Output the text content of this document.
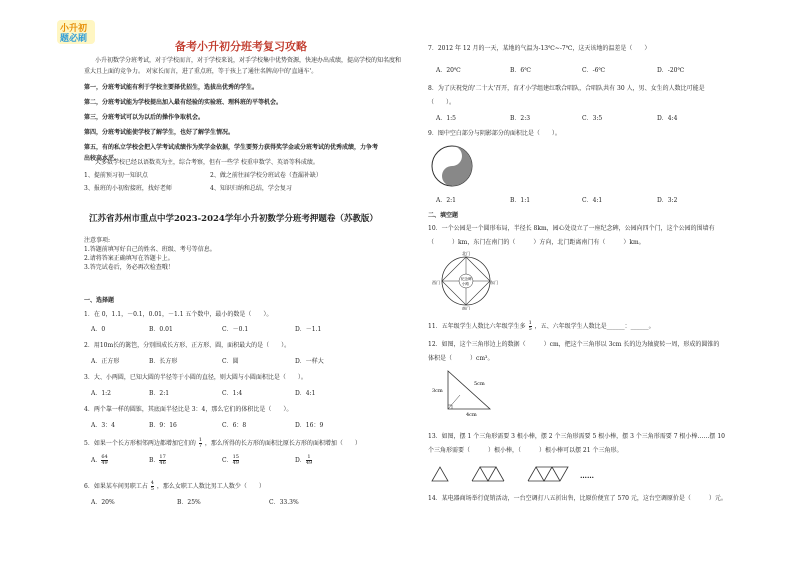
小升初
题必刷
备考小升初分班考复习攻略
小升初数学分班考试，对于学校而言，对于学校来说，对手学校集中优势资源，快速办出成绩，提高学校的知名度和
重大且上面的竞争力。 对家长而言，进了重点班，等于孩上了通往名牌高中的'直通车'。
第一，分班考试能有利于学校主要择优招生，选拔出优秀的学生。
第二，分班考试能为学校提出加入最有经验的实验班、理科班的平等机会。
第三，分班考试可以为以后的操作争取机会。
第四，分班考试能使学校了解学生，也好了解学生情况。
第五，有的私立学校会把入学考试成绩作为奖学金依据，学生要努力获得奖学金或分班考试的优秀成绩，力争考
出较高水平。
大多数学校已经以语数英为主，综合考察，但有一些学 校重申数学、英语等科成绩。
1、提前预习初一知识点	2、做之前往届学校分班试卷（查漏补缺）
3、报班的小初衔接班，找好老师	4、知识归纳和总结，学会复习
江苏省苏州市重点中学2023-2024学年小升初数学分班考押题卷（苏教版）
注意事项:
1.答题前填写好自己的姓名、班级、考号等信息。
2.请将答案正确填写在答题卡上。
3.答完试卷后，务必再次检查哦！
一、选择题
1．在 0，1.1，－0.1，0.01，－1.1 五个数中，最小的数是（　　）。
A．0	B．0.01	C．－0.1	D．－1.1
2．用10m长的篱笆，分别围成长方形、正方形、圆，面积最大的是（　　）。
A．正方形	B．长方形	C．圆	D．一样大
3．大、小两圆，已知大圆的半径等于小圆的直径，则大圆与小圆面积比是（　　）。
A．1:2	B．2:1	C．1:4	D．4:1
4．两个靠一样的圆锥，其底面半径比是 3：4，那么它们的体积比是（　　）。
A．3：4	B．9：16	C．6：8	D．16：9
5．如果一个长方形相邻两边都增加它们的 $\frac{1}{7}$ ，那么所得的长方形的面积比原长方形的面积增加（　　）
A． $\frac{64}{49}$	B． $\frac{17}{46}$	C． $\frac{15}{49}$	D． $\frac{1}{49}$
6．如果某车间男职工占 $\frac{4}{5}$ ，那么女职工人数比男工人数少（　　）
A．20%	B．25%	C．33.3%
7．2012 年 12 月的一天，某地的气温为-13℃~-7℃，这天该地的温差是（　　）
A．20℃	B．6℃	C．-6℃	D．-20℃
8．为了庆祝党的'二十大'召开，育才小学组建红歌合唱队，合唱队共有 30 人，男、女生的人数比可能是
（　　）。
A．1:5	B．2:3	C．3:5	D．4:4
9．图中空白部分与阴影部分的面积比是（　　）。
A．2:1	B．1:1	C．4:1	D．3:2
二、填空题
10．一个公园是一个圆形布局，半径长 8km，园心处设立了一座纪念碑，公园向四个门，这个公园的围墙有
（　　　）km，东门在南门的（　　　）方向，北门距离南门有（　　　）km。
北门
南门
东门
西门
纪念碑
小路
11．五年级学生人数比六年级学生多 $\frac{1}{5}$ ，五、六年级学生人数比是______：______。
12．如图，这个三角形边上的数据（　　　）cm，把这个三角形以 3cm 长的边为轴旋转一周，形成的圆锥的
体积是（　　　）cm³。
3cm
5cm
4cm
13．如图，摆 1 个三角形需要 3 根小棒，摆 2 个三角形需要 5 根小棒，摆 3 个三角形需要 7 根小棒……摆 10
个三角形需要（　　　）根小棒，（　　　）根小棒可以摆 21 个三角形。
……
14．某电器商场举行促销活动，一台空调打八五折出售，比原价便宜了 570 元，这台空调原价是（　　　）元。
